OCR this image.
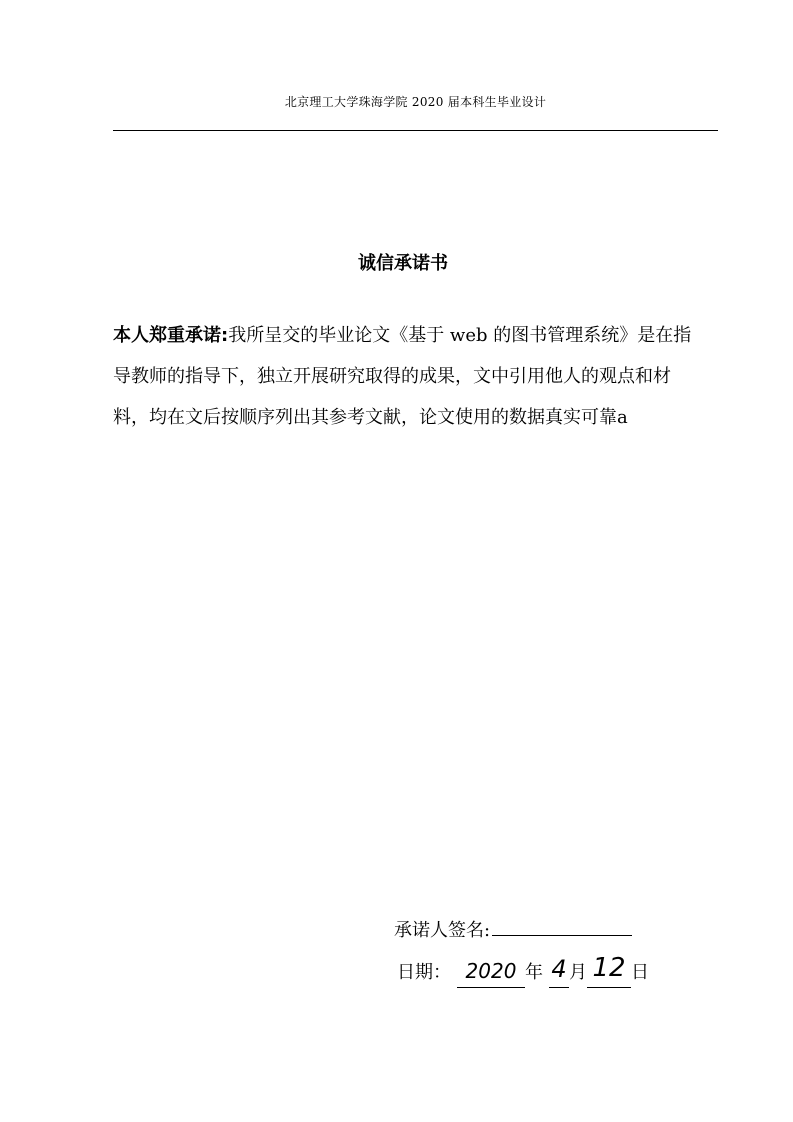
北京理工大学珠海学院 2020 届本科生毕业设计
诚信承诺书
本人郑重承诺:我所呈交的毕业论文《基于 web 的图书管理系统》是在指导教师的指导下，独立开展研究取得的成果，文中引用他人的观点和材料，均在文后按顺序列出其参考文献，论文使用的数据真实可靠a
承诺人签名:
日期： 2020 年 4 月 12 日
